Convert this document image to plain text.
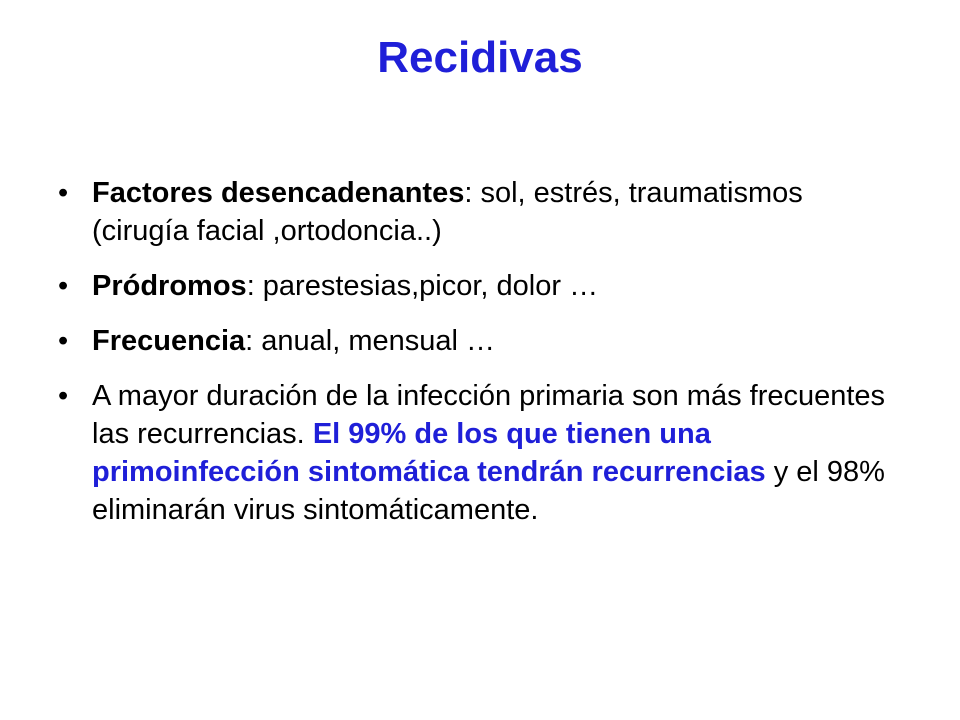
Recidivas
• Factores desencadenantes: sol, estrés, traumatismos (cirugía facial ,ortodoncia..)
• Pródromos: parestesias,picor, dolor …
• Frecuencia: anual, mensual …
• A mayor duración de la infección primaria son más frecuentes las recurrencias. El 99% de los que tienen una primoinfección sintomática tendrán recurrencias y el 98% eliminarán virus sintomáticamente.
